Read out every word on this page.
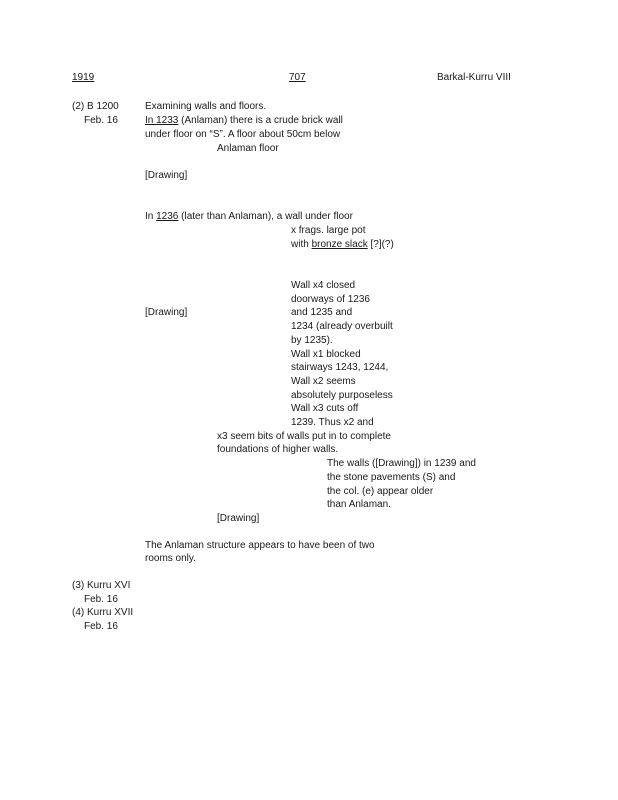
1919	707	Barkal-Kurru VIII
(2) B 1200
Feb. 16
Examining walls and floors.
In 1233 (Anlaman) there is a crude brick wall
under floor on “S”. A floor about 50cm below
Anlaman floor
[Drawing]
In 1236 (later than Anlaman), a wall under floor
x frags. large pot
with bronze slack [?](?)
Wall x4 closed
doorways of 1236
[Drawing]	and 1235 and
1234 (already overbuilt
by 1235).
Wall x1 blocked
stairways 1243, 1244,
Wall x2 seems
absolutely purposeless
Wall x3 cuts off
1239. Thus x2 and
x3 seem bits of walls put in to complete
foundations of higher walls.
The walls ([Drawing]) in 1239 and
the stone pavements (S) and
the col. (e) appear older
than Anlaman.
[Drawing]
The Anlaman structure appears to have been of two
rooms only.
(3) Kurru XVI
Feb. 16
(4) Kurru XVII
Feb. 16
